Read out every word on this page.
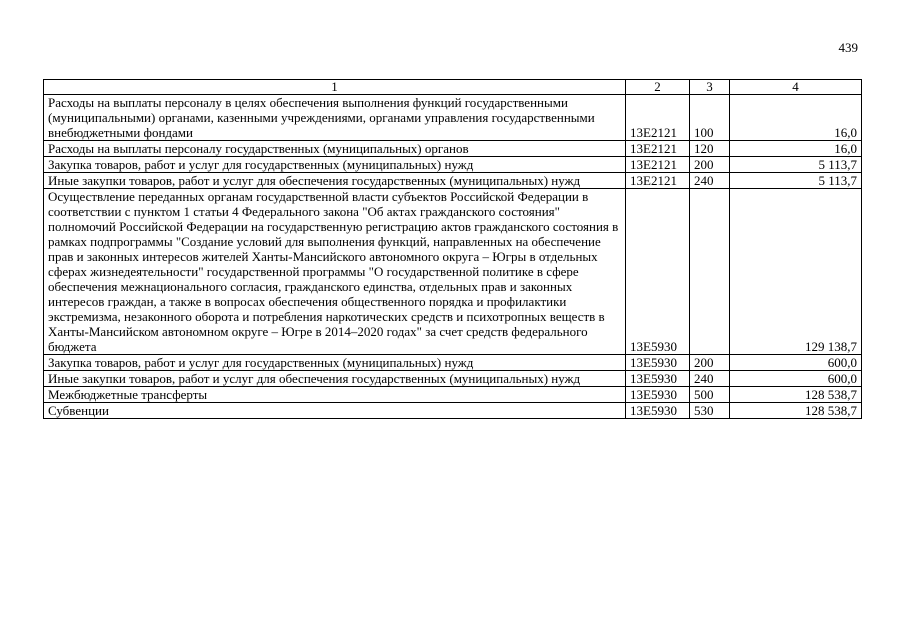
439
1	2	3	4
Расходы на выплаты персоналу в целях обеспечения выполнения функций государственными (муниципальными) органами, казенными учреждениями, органами управления государственными внебюджетными фондами	13Е2121	100	16,0
Расходы на выплаты персоналу государственных (муниципальных) органов	13Е2121	120	16,0
Закупка товаров, работ и услуг для государственных (муниципальных) нужд	13Е2121	200	5 113,7
Иные закупки товаров, работ и услуг для обеспечения государственных (муниципальных) нужд	13Е2121	240	5 113,7
Осуществление переданных органам государственной власти субъектов Российской Федерации в соответствии с пунктом 1 статьи 4 Федерального закона "Об актах гражданского состояния" полномочий Российской Федерации на государственную регистрацию актов гражданского состояния в рамках подпрограммы "Создание условий для выполнения функций, направленных на обеспечение прав и законных интересов жителей Ханты-Мансийского автономного округа – Югры в отдельных сферах жизнедеятельности" государственной программы "О государственной политике в сфере обеспечения межнационального согласия, гражданского единства, отдельных прав и законных интересов граждан, а также в вопросах обеспечения общественного порядка и профилактики экстремизма, незаконного оборота и потребления наркотических средств и психотропных веществ в Ханты-Мансийском автономном округе – Югре в 2014–2020 годах" за счет средств федерального бюджета	13Е5930		129 138,7
Закупка товаров, работ и услуг для государственных (муниципальных) нужд	13Е5930	200	600,0
Иные закупки товаров, работ и услуг для обеспечения государственных (муниципальных) нужд	13Е5930	240	600,0
Межбюджетные трансферты	13Е5930	500	128 538,7
Субвенции	13Е5930	530	128 538,7
